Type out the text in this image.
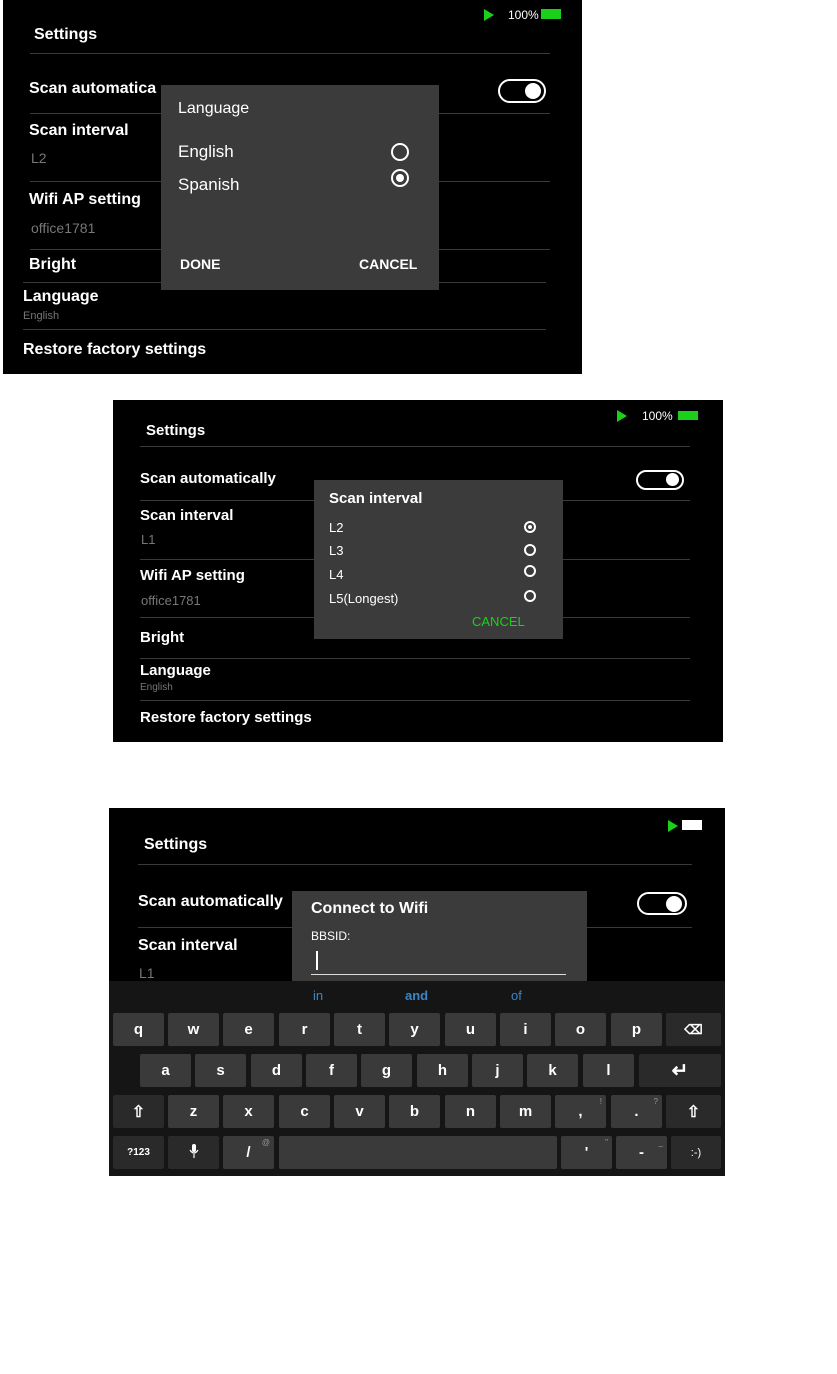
100%
Settings
Scan automatica
Scan interval
L2
Wifi AP setting
office1781
Bright
Language
English
Restore factory settings
Language
English
Spanish
DONE	CANCEL
100%
Settings
Scan automatically
Scan interval
L1
Wifi AP setting
office1781
Bright
Language
English
Restore factory settings
Scan interval
L2
L3
L4
L5(Longest)
CANCEL
Settings
Scan automatically
Scan interval
L1
Connect to Wifi
BBSID:
in	and	of
q	w	e	r	t	y	u	i	o	p	⌫
a	s	d	f	g	h	j	k	l	↵
⇧	z	x	c	v	b	n	m	,
!
.
?
⇧
?123	/
@
'
"
-
_
:-)
